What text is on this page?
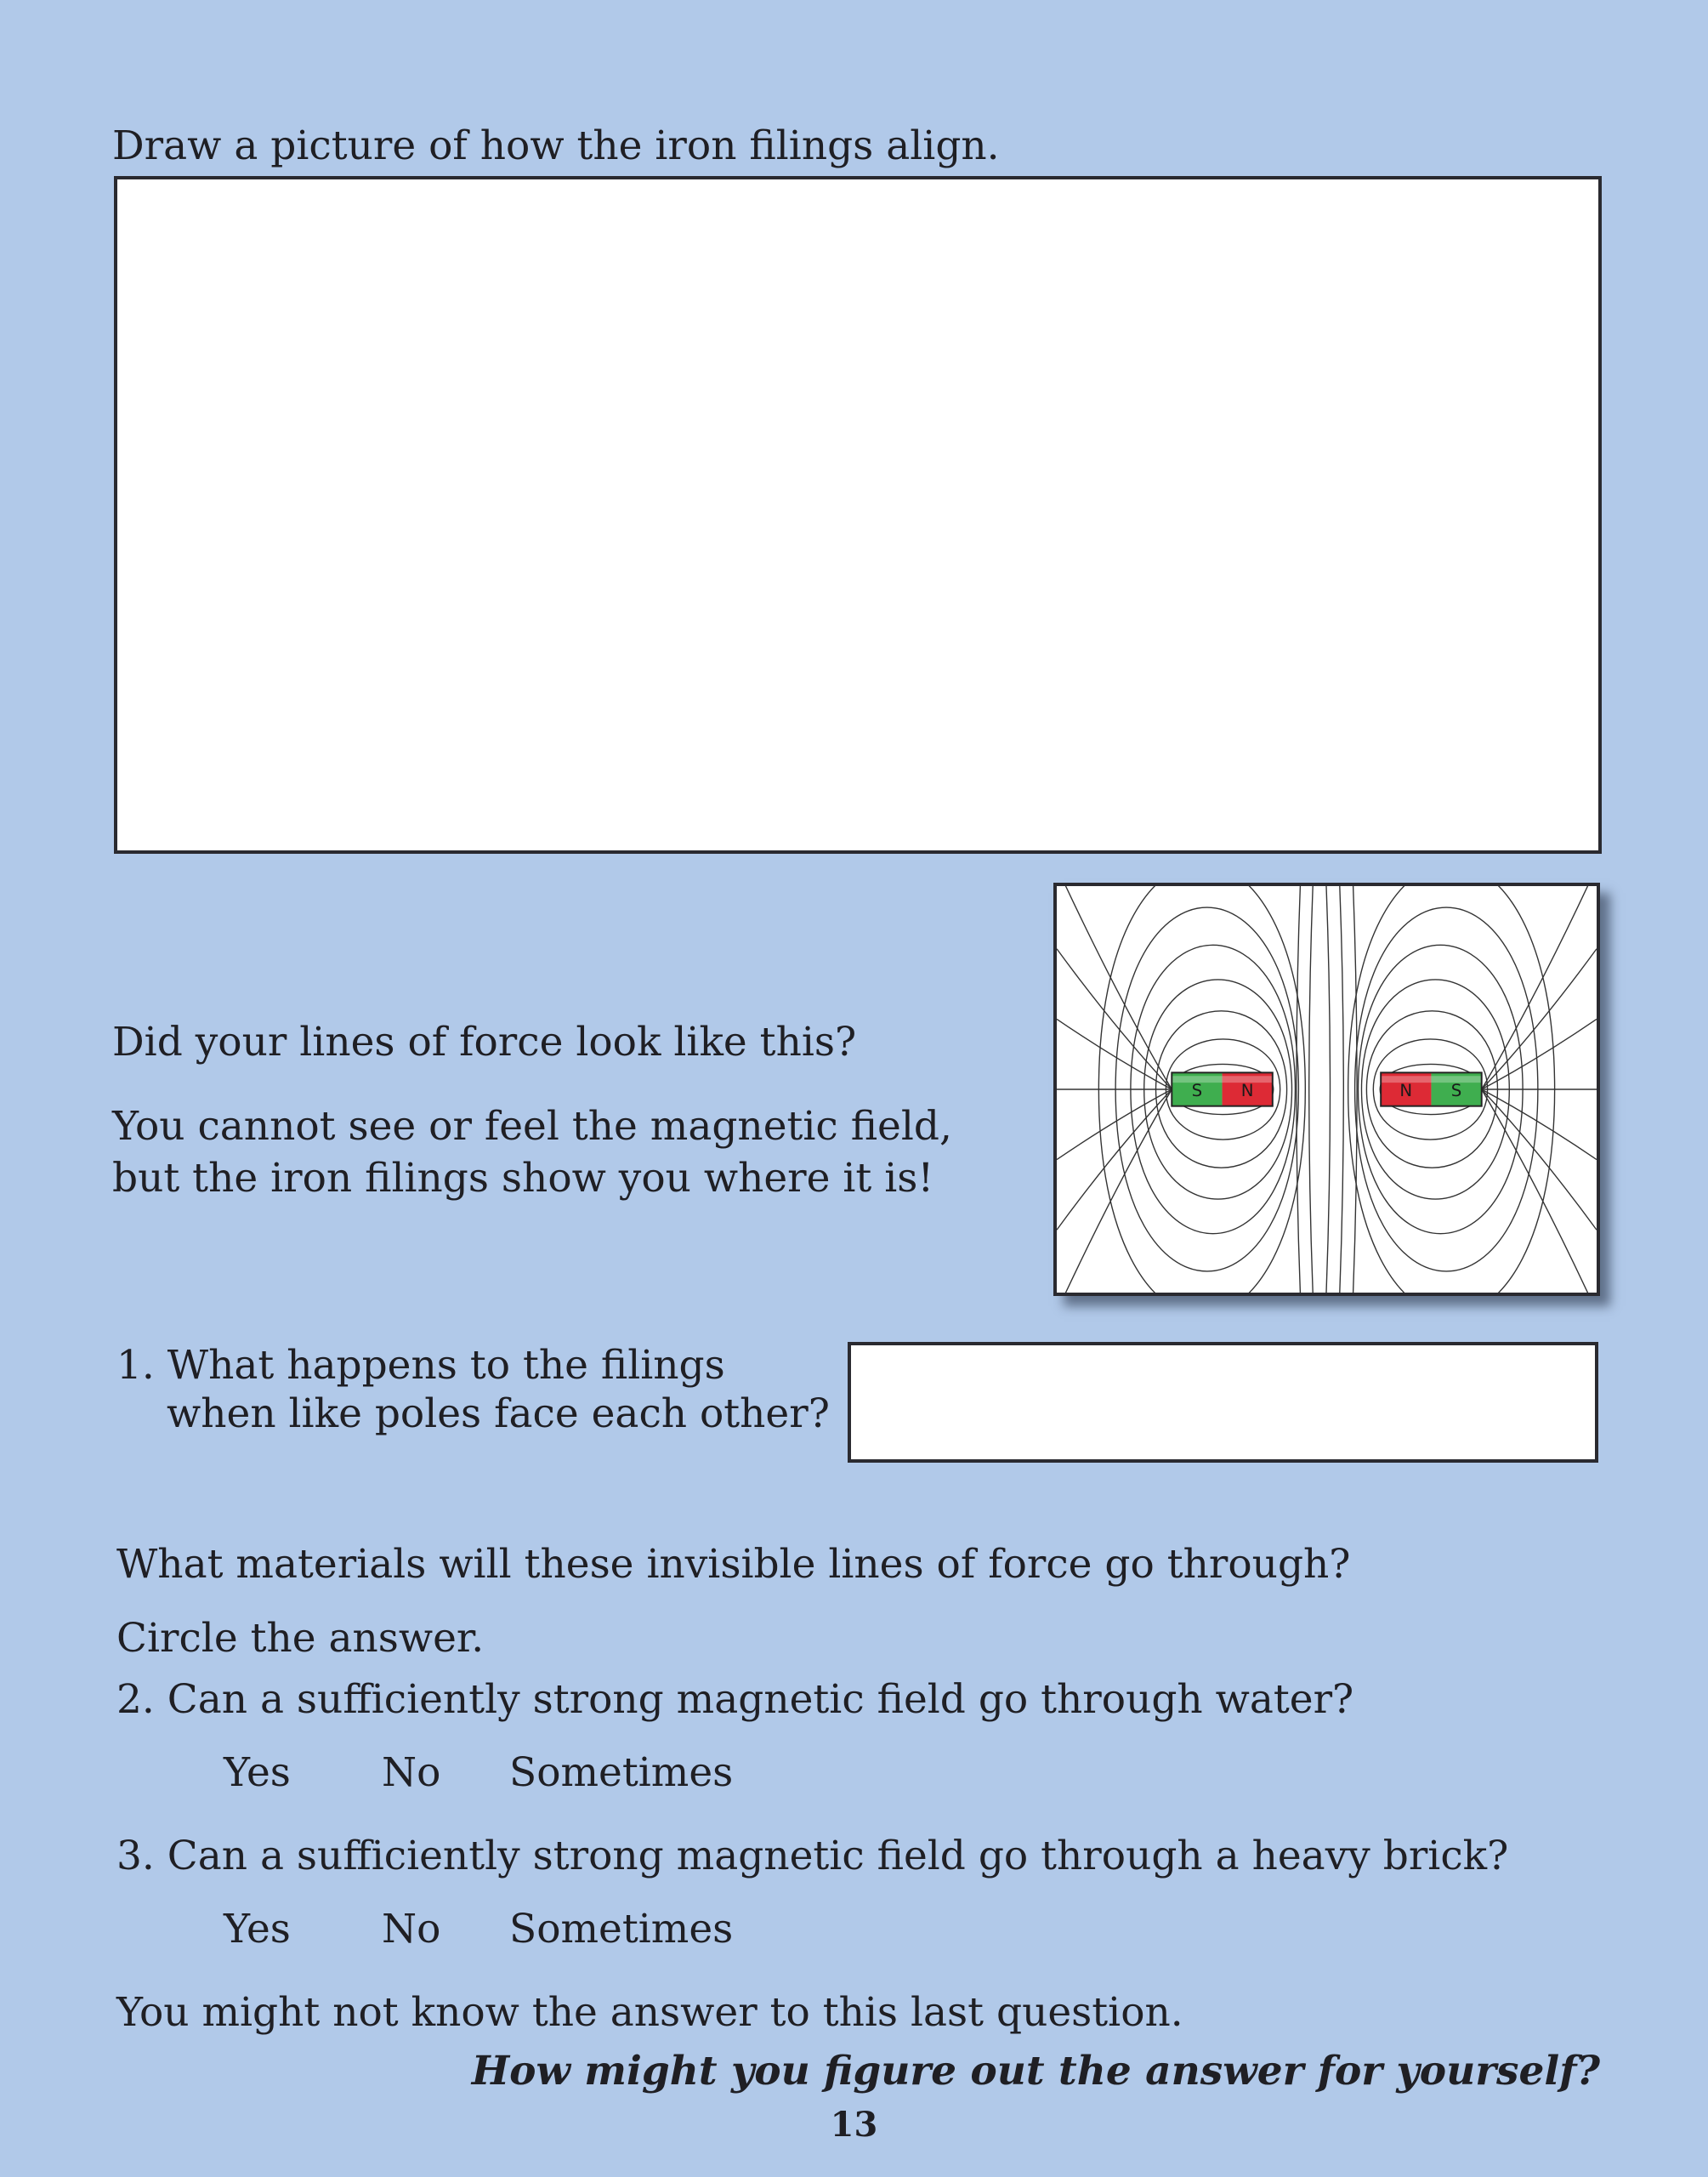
Draw a picture of how the iron filings align.
Did your lines of force look like this?
You cannot see or feel the magnetic field,
but the iron filings show you where it is!
S N	N S
1. What happens to the filings
when like poles face each other?
What materials will these invisible lines of force go through?
Circle the answer.
2. Can a sufficiently strong magnetic field go through water?
Yes No Sometimes
3. Can a sufficiently strong magnetic field go through a heavy brick?
Yes No Sometimes
You might not know the answer to this last question.
How might you figure out the answer for yourself?
13
